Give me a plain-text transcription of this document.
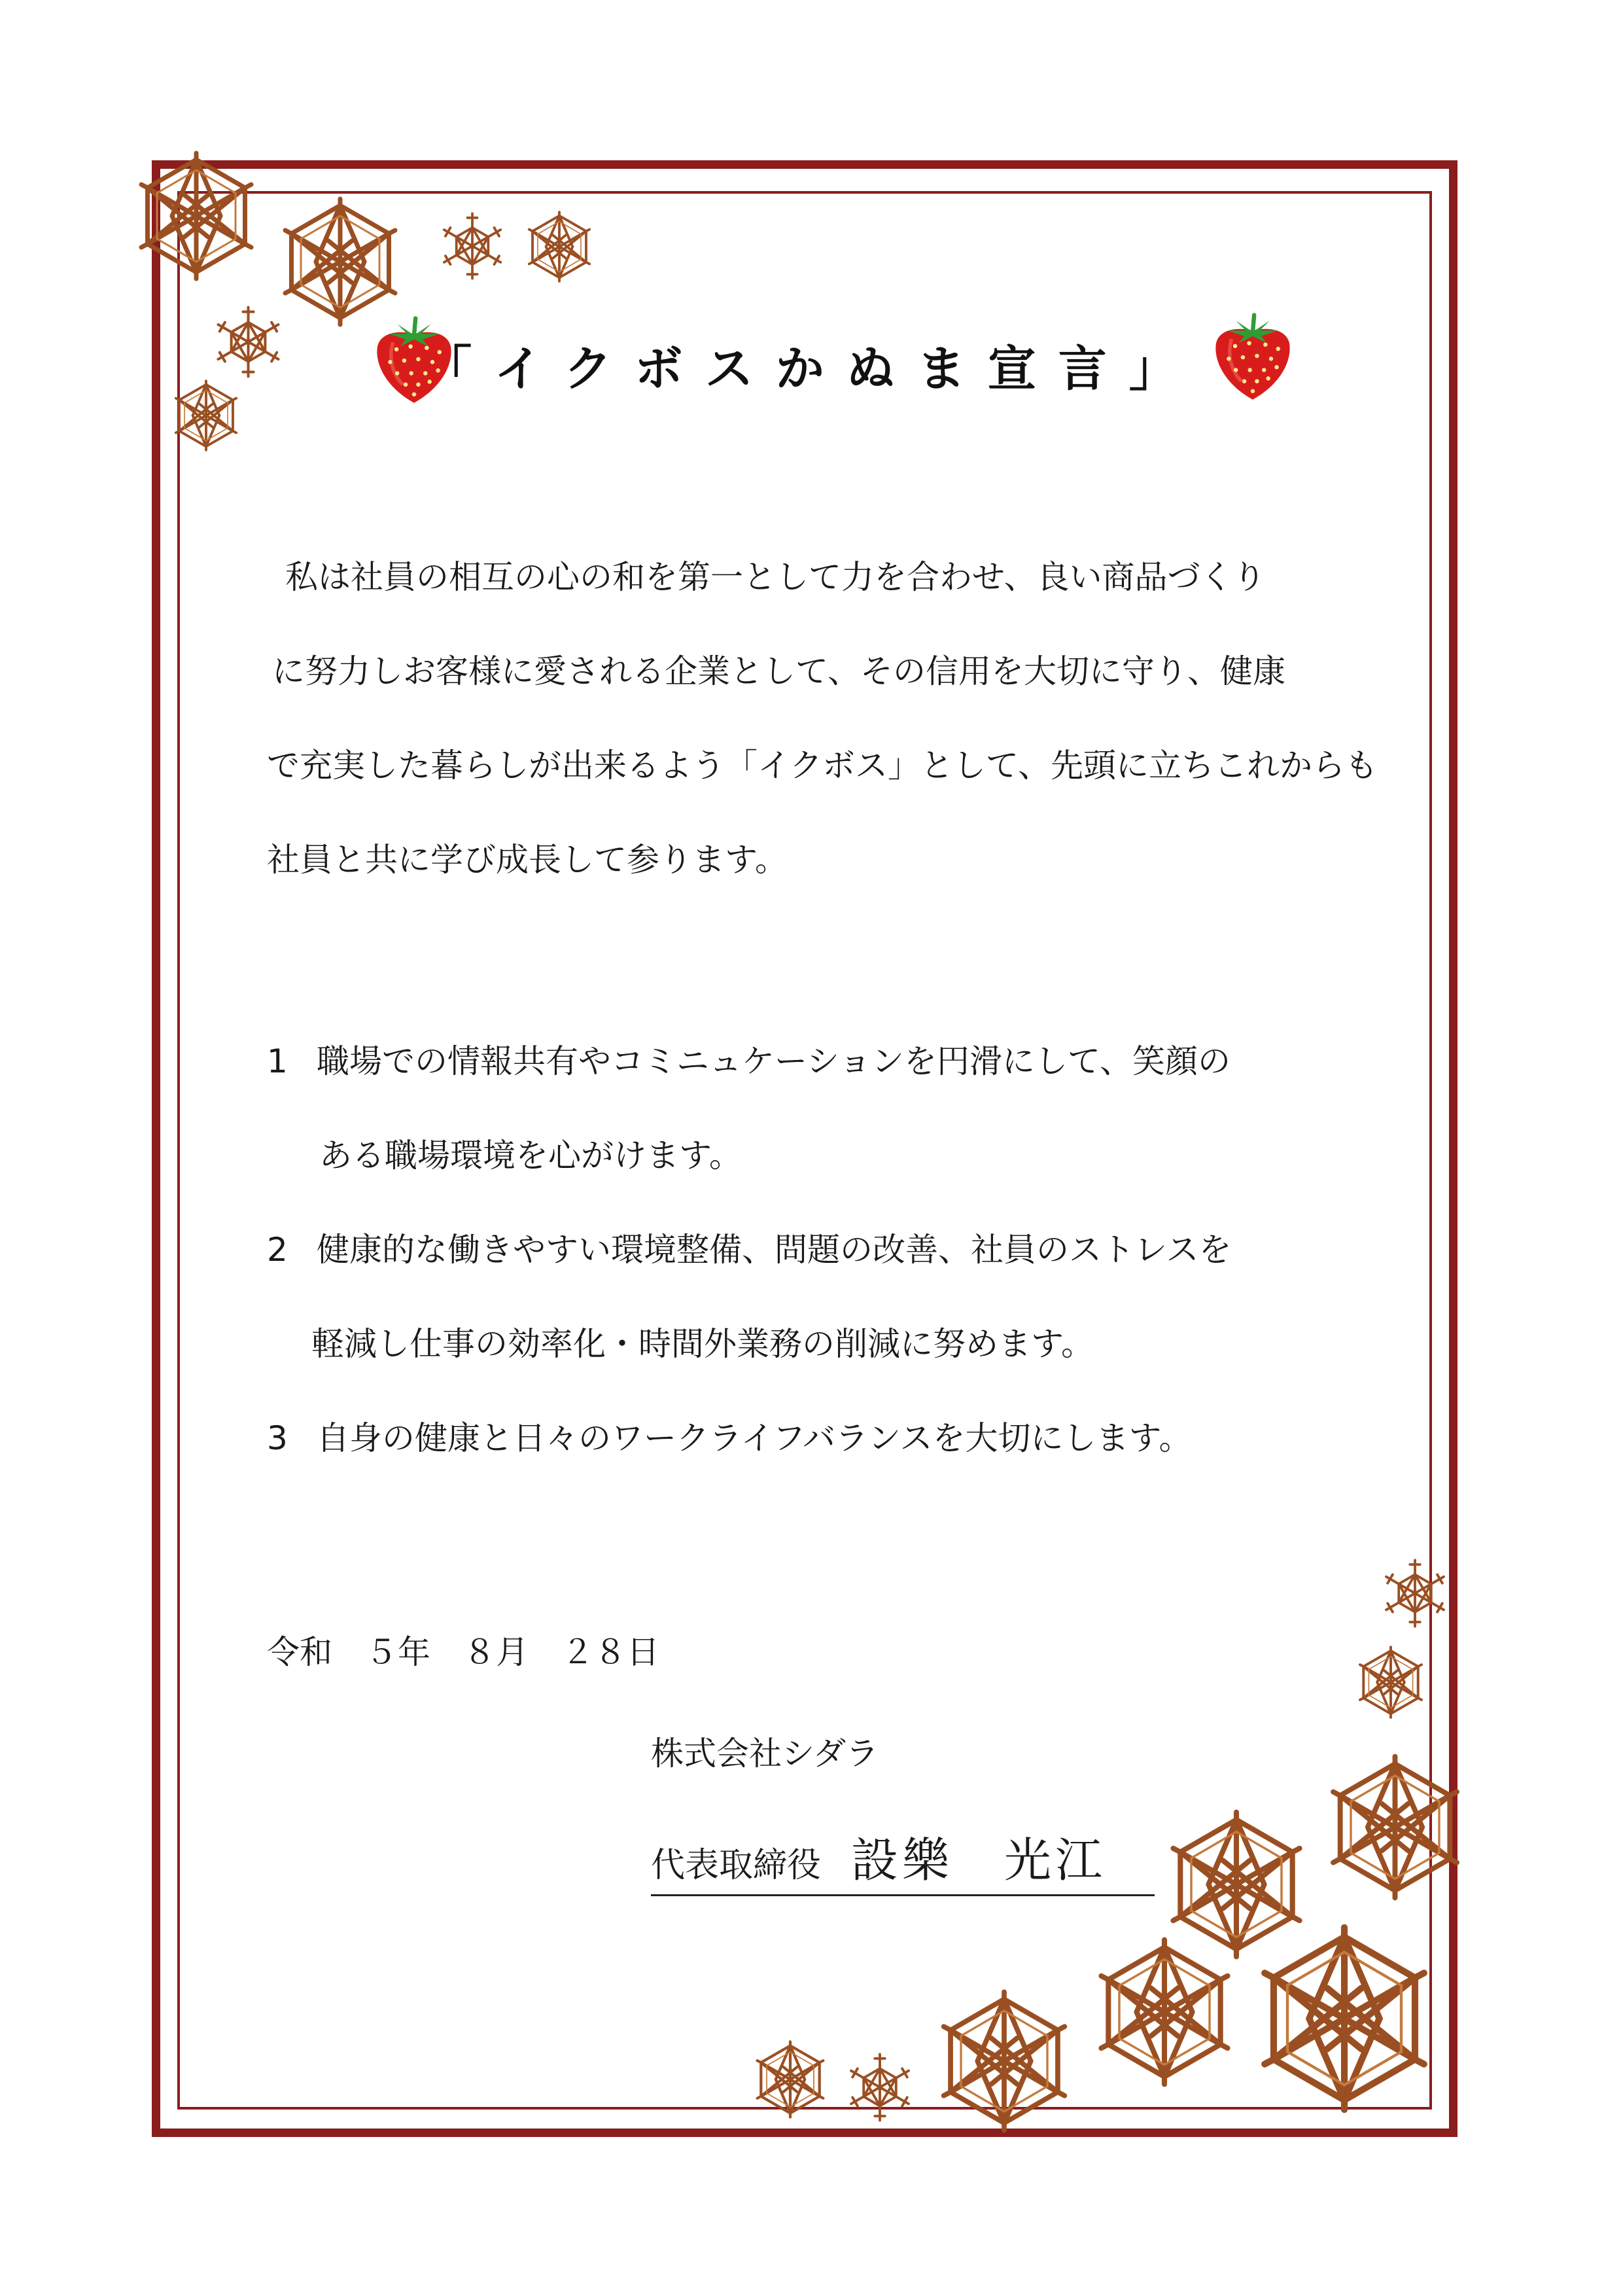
「イクボスかぬま宣言」

私は社員の相互の心の和を第一として力を合わせ、良い商品づくり

に努力しお客様に愛される企業として、その信用を大切に守り、健康

で充実した暮らしが出来るよう「イクボス」として、先頭に立ちこれからも

社員と共に学び成長して参ります。

1 職場での情報共有やコミニュケーションを円滑にして、笑顔の
ある職場環境を心がけます。
2 健康的な働きやすい環境整備、問題の改善、社員のストレスを
軽減し仕事の効率化・時間外業務の削減に努めます。
3 自身の健康と日々のワークライフバランスを大切にします。
令和　５年　８月　２８日
株式会社シダラ
代表取締役 設樂　光江
